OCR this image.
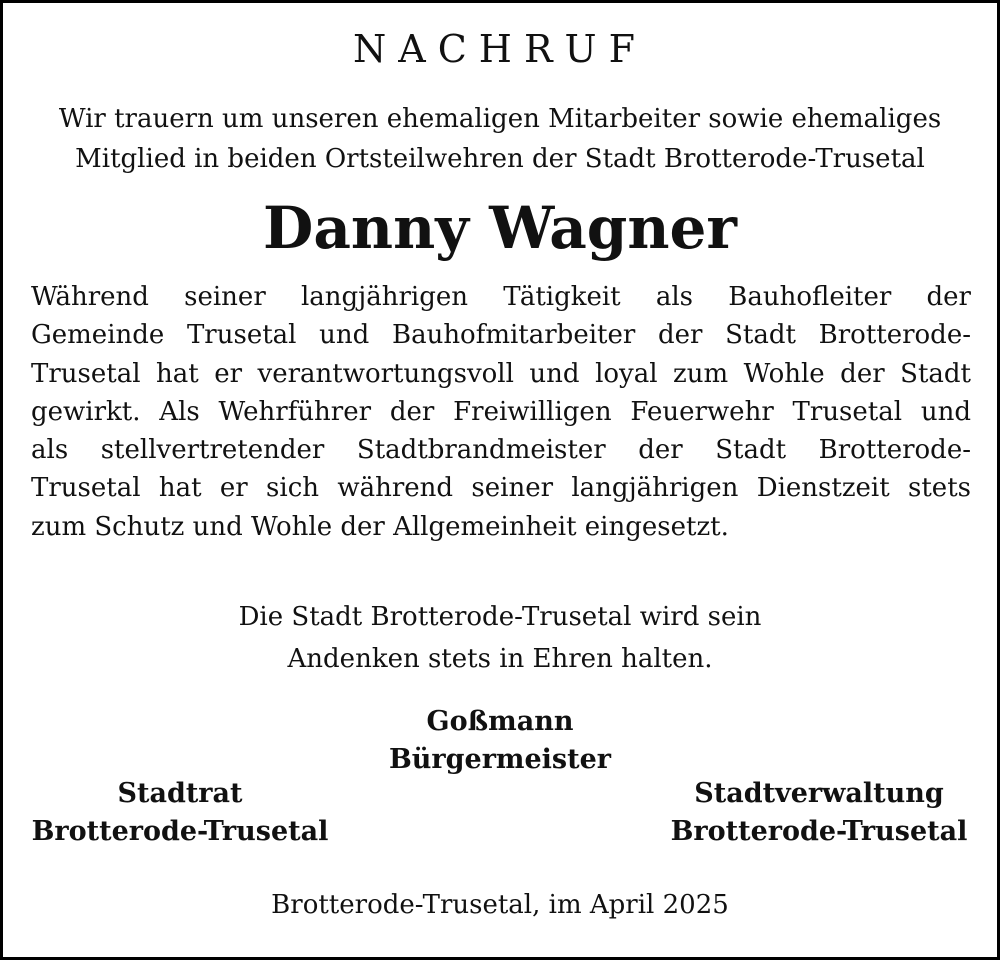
NACHRUF
Wir trauern um unseren ehemaligen Mitarbeiter sowie ehemaliges
Mitglied in beiden Ortsteilwehren der Stadt Brotterode-Trusetal
Danny Wagner
Während seiner langjährigen Tätigkeit als Bauhofleiter der
Gemeinde Trusetal und Bauhofmitarbeiter der Stadt Brotterode-
Trusetal hat er verantwortungsvoll und loyal zum Wohle der Stadt
gewirkt. Als Wehrführer der Freiwilligen Feuerwehr Trusetal und
als stellvertretender Stadtbrandmeister der Stadt Brotterode-
Trusetal hat er sich während seiner langjährigen Dienstzeit stets
zum Schutz und Wohle der Allgemeinheit eingesetzt.
Die Stadt Brotterode-Trusetal wird sein
Andenken stets in Ehren halten.
Goßmann
Bürgermeister
Stadtrat
Brotterode-Trusetal
Stadtverwaltung
Brotterode-Trusetal
Brotterode-Trusetal, im April 2025
